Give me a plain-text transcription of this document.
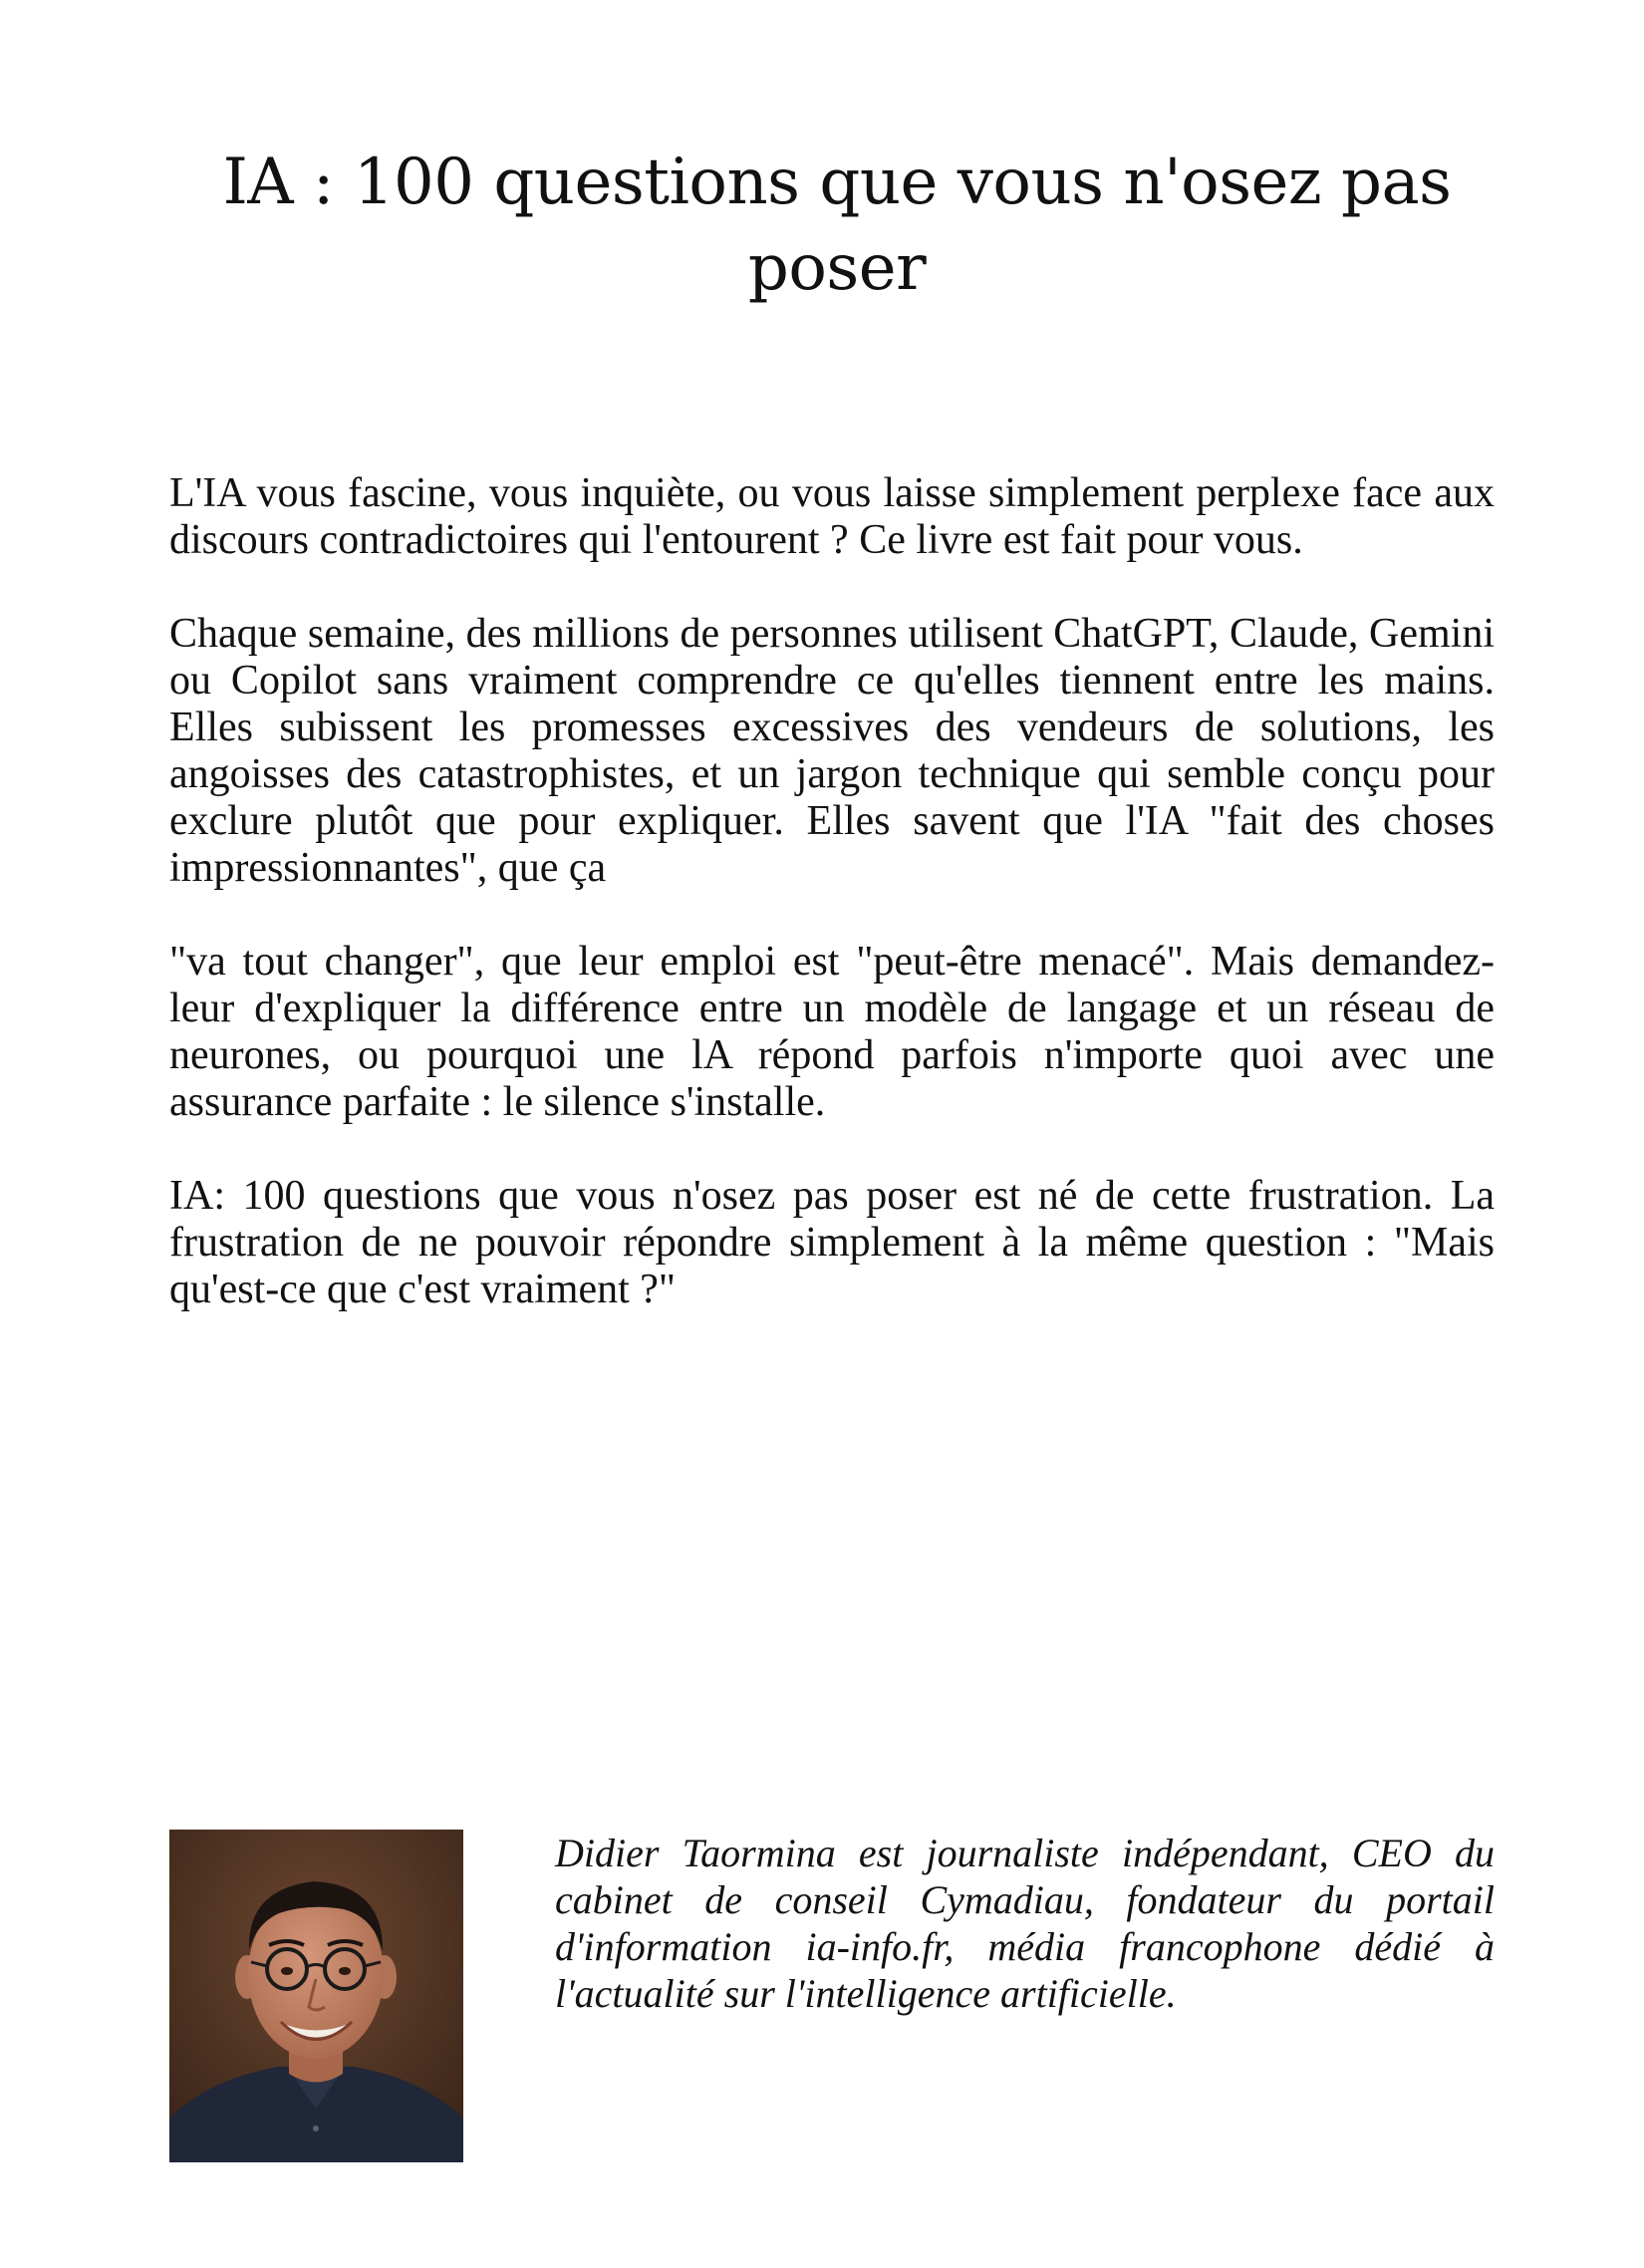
IA : 100 questions que vous n'osez pas poser

L'IA vous fascine, vous inquiète, ou vous laisse simplement perplexe face aux discours contradictoires qui l'entourent ? Ce livre est fait pour vous.

Chaque semaine, des millions de personnes utilisent ChatGPT, Claude, Gemini ou Copilot sans vraiment comprendre ce qu'elles tiennent entre les mains. Elles subissent les promesses excessives des vendeurs de solutions, les angoisses des catastrophistes, et un jargon technique qui semble conçu pour exclure plutôt que pour expliquer. Elles savent que l'IA "fait des choses impressionnantes", que ça

"va tout changer", que leur emploi est "peut-être menacé". Mais demandez-leur d'expliquer la différence entre un modèle de langage et un réseau de neurones, ou pourquoi une lA répond parfois n'importe quoi avec une assurance parfaite : le silence s'installe.

IA: 100 questions que vous n'osez pas poser est né de cette frustration. La frustration de ne pouvoir répondre simplement à la même question : "Mais qu'est-ce que c'est vraiment ?"

Didier Taormina est journaliste indépendant, CEO du cabinet de conseil Cymadiau, fondateur du portail d'information ia-info.fr, média francophone dédié à l'actualité sur l'intelligence artificielle.
